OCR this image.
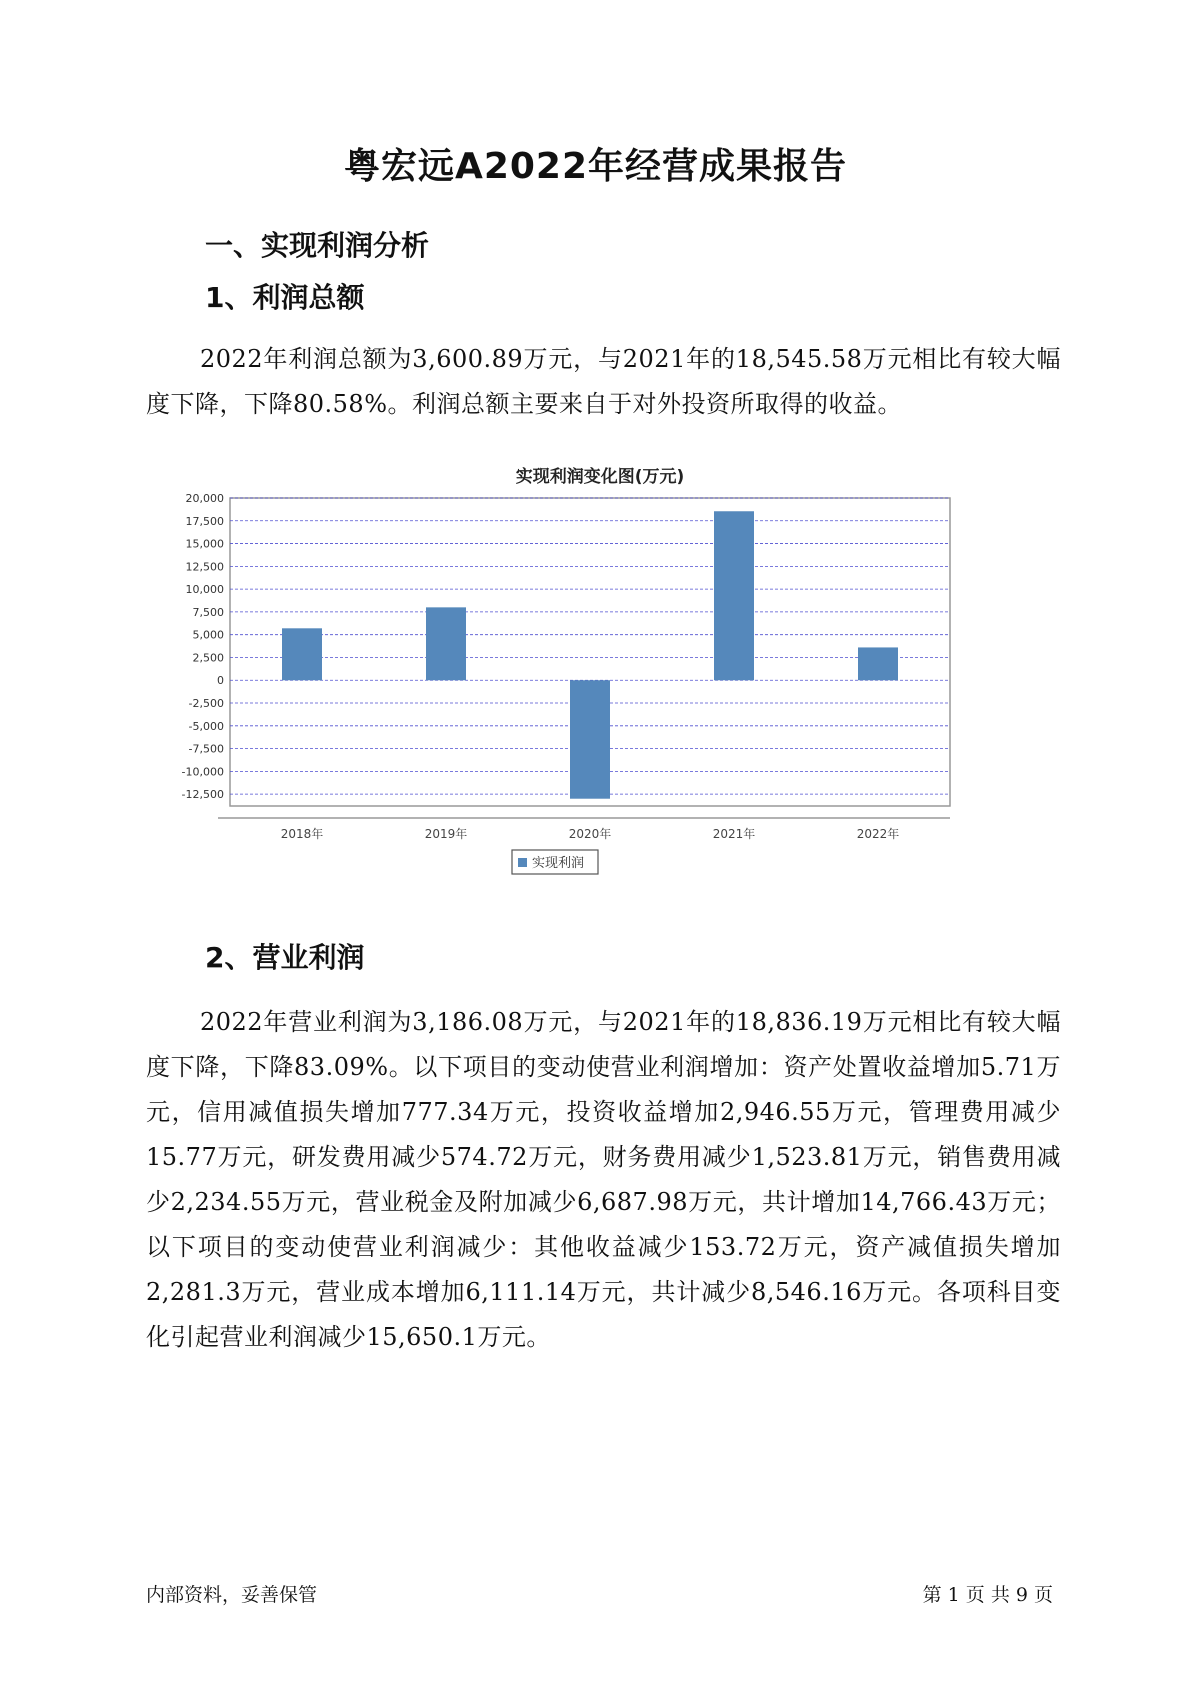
粤宏远A2022年经营成果报告
一、实现利润分析
1、利润总额
2022年利润总额为3,600.89万元，与2021年的18,545.58万元相比有较大幅度下降，下降80.58%。利润总额主要来自于对外投资所取得的收益。
实现利润变化图(万元)
20,000
17,500
15,000
12,500
10,000
7,500
5,000
2,500
0
-2,500
-5,000
-7,500
-10,000
-12,500
2018年	2019年	2020年	2021年	2022年
实现利润
2、营业利润
2022年营业利润为3,186.08万元，与2021年的18,836.19万元相比有较大幅度下降，下降83.09%。以下项目的变动使营业利润增加：资产处置收益增加5.71万元，信用减值损失增加777.34万元，投资收益增加2,946.55万元，管理费用减少15.77万元，研发费用减少574.72万元，财务费用减少1,523.81万元，销售费用减少2,234.55万元，营业税金及附加减少6,687.98万元，共计增加14,766.43万元；以下项目的变动使营业利润减少：其他收益减少153.72万元，资产减值损失增加2,281.3万元，营业成本增加6,111.14万元，共计减少8,546.16万元。各项科目变化引起营业利润减少15,650.1万元。
内部资料，妥善保管	第 1 页 共 9 页
